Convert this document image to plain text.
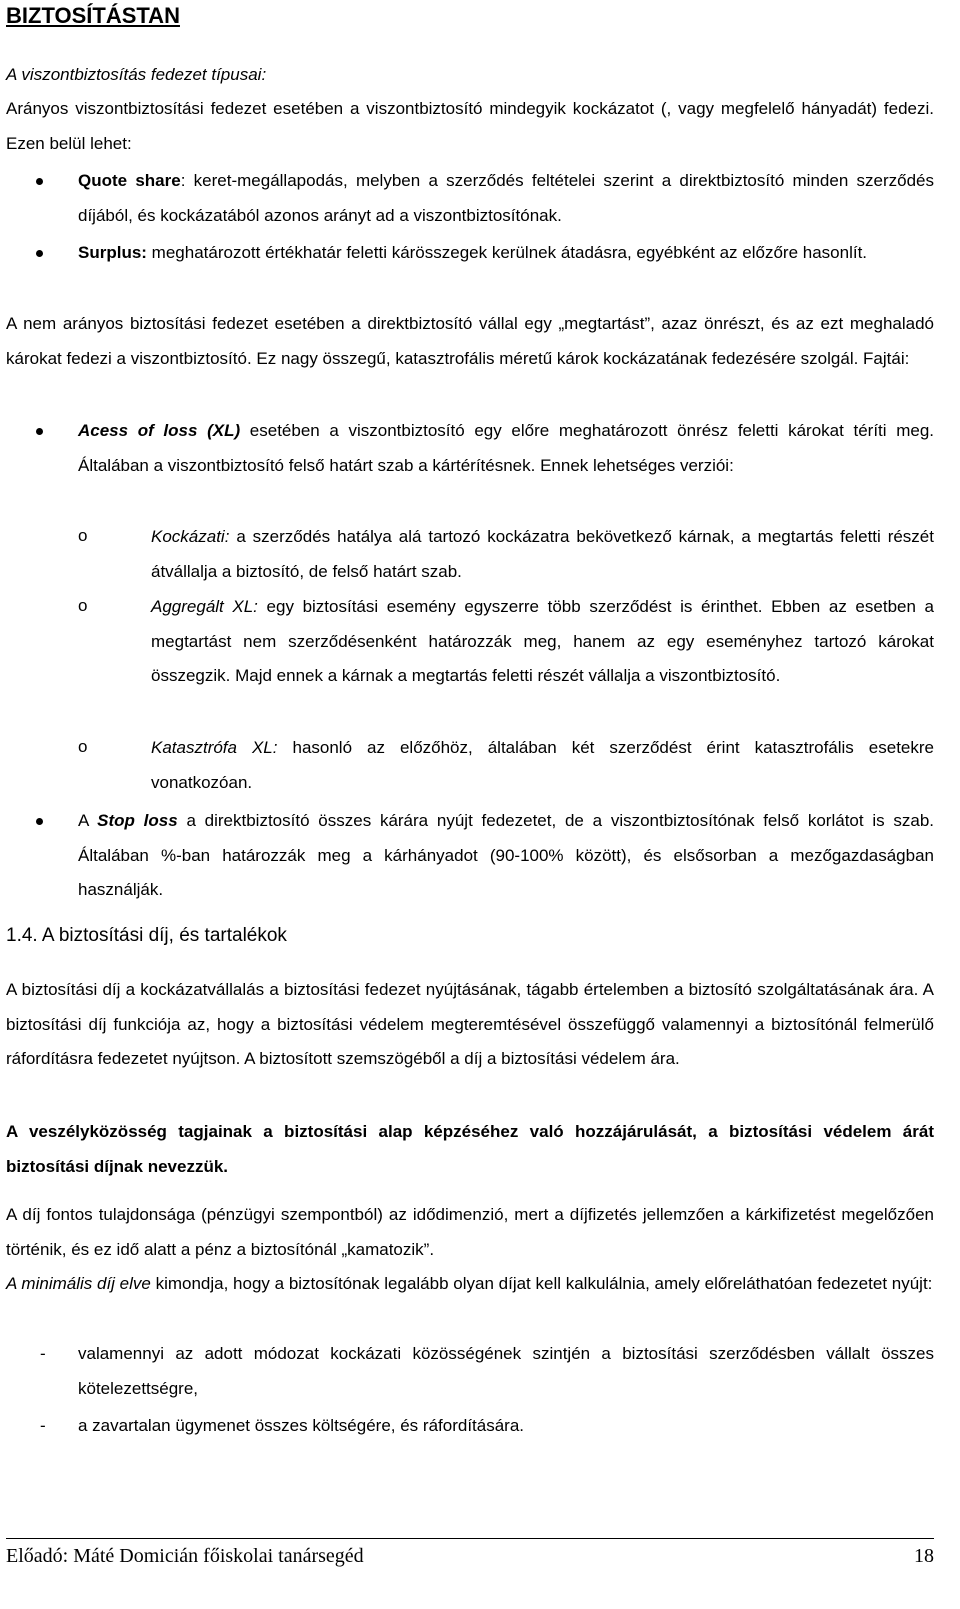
BIZTOSÍTÁSTAN

A viszontbiztosítás fedezet típusai:

Arányos viszontbiztosítási fedezet esetében a viszontbiztosító mindegyik kockázatot (, vagy megfelelő hányadát) fedezi. Ezen belül lehet:

Quote share: keret-megállapodás, melyben a szerződés feltételei szerint a direktbiztosító minden szerződés díjából, és kockázatából azonos arányt ad a viszontbiztosítónak.
Surplus: meghatározott értékhatár feletti kárösszegek kerülnek átadásra, egyébként az előzőre hasonlít.

A nem arányos biztosítási fedezet esetében a direktbiztosító vállal egy „megtartást”, azaz önrészt, és az ezt meghaladó károkat fedezi a viszontbiztosító. Ez nagy összegű, katasztrofális méretű károk kockázatának fedezésére szolgál. Fajtái:

Acess of loss (XL) esetében a viszontbiztosító egy előre meghatározott önrész feletti károkat téríti meg. Általában a viszontbiztosító felső határt szab a kártérítésnek. Ennek lehetséges verziói:
o	Kockázati: a szerződés hatálya alá tartozó kockázatra bekövetkező kárnak, a megtartás feletti részét átvállalja a biztosító, de felső határt szab.
o	Aggregált XL: egy biztosítási esemény egyszerre több szerződést is érinthet. Ebben az esetben a megtartást nem szerződésenként határozzák meg, hanem az egy eseményhez tartozó károkat összegzik. Majd ennek a kárnak a megtartás feletti részét vállalja a viszontbiztosító.
o	Katasztrófa XL: hasonló az előzőhöz, általában két szerződést érint katasztrofális esetekre vonatkozóan.
A Stop loss a direktbiztosító összes kárára nyújt fedezetet, de a viszontbiztosítónak felső korlátot is szab. Általában %-ban határozzák meg a kárhányadot (90-100% között), és elsősorban a mezőgazdaságban használják.
1.4. A biztosítási díj, és tartalékok

A biztosítási díj a kockázatvállalás a biztosítási fedezet nyújtásának, tágabb értelemben a biztosító szolgáltatásának ára. A biztosítási díj funkciója az, hogy a biztosítási védelem megteremtésével összefüggő valamennyi a biztosítónál felmerülő ráfordításra fedezetet nyújtson. A biztosított szemszögéből a díj a biztosítási védelem ára.

A veszélyközösség tagjainak a biztosítási alap képzéséhez való hozzájárulását, a biztosítási védelem árát biztosítási díjnak nevezzük.

A díj fontos tulajdonsága (pénzügyi szempontból) az idődimenzió, mert a díjfizetés jellemzően a kárkifizetést megelőzően történik, és ez idő alatt a pénz a biztosítónál „kamatozik”.

A minimális díj elve kimondja, hogy a biztosítónak legalább olyan díjat kell kalkulálnia, amely előreláthatóan fedezetet nyújt:

- valamennyi az adott módozat kockázati közösségének szintjén a biztosítási szerződésben vállalt összes kötelezettségre,
- a zavartalan ügymenet összes költségére, és ráfordítására.
Előadó: Máté Domicián főiskolai tanársegéd	18
